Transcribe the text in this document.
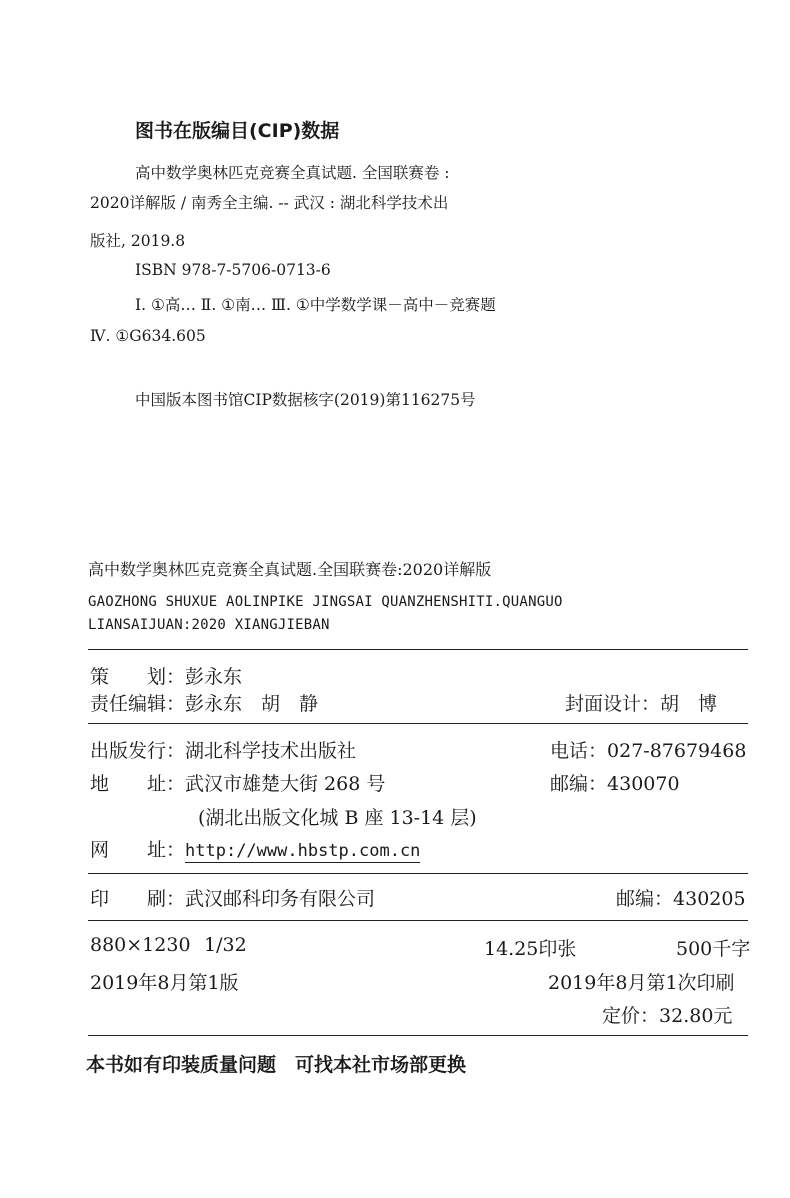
图书在版编目(CIP)数据
高中数学奥林匹克竞赛全真试题. 全国联赛卷 :
2020详解版 / 南秀全主编. -- 武汉 : 湖北科学技术出
版社, 2019.8
ISBN 978-7-5706-0713-6
Ⅰ. ①高… Ⅱ. ①南… Ⅲ. ①中学数学课－高中－竞赛题
Ⅳ. ①G634.605
中国版本图书馆CIP数据核字(2019)第116275号
高中数学奥林匹克竞赛全真试题.全国联赛卷:2020详解版
GAOZHONG SHUXUE AOLINPIKE JINGSAI QUANZHENSHITI.QUANGUO
LIANSAIJUAN:2020 XIANGJIEBAN
策　　划：彭永东
责任编辑：彭永东　胡　静	封面设计：胡　博
出版发行：湖北科学技术出版社	电话：027-87679468
地　　址：武汉市雄楚大街 268 号	邮编：430070
(湖北出版文化城 B 座 13-14 层)
网　　址：http://www.hbstp.com.cn
印　　刷：武汉邮科印务有限公司	邮编：430205
880×1230 1/32	14.25印张	500千字
2019年8月第1版	2019年8月第1次印刷
定价：32.80元
本书如有印装质量问题　可找本社市场部更换
